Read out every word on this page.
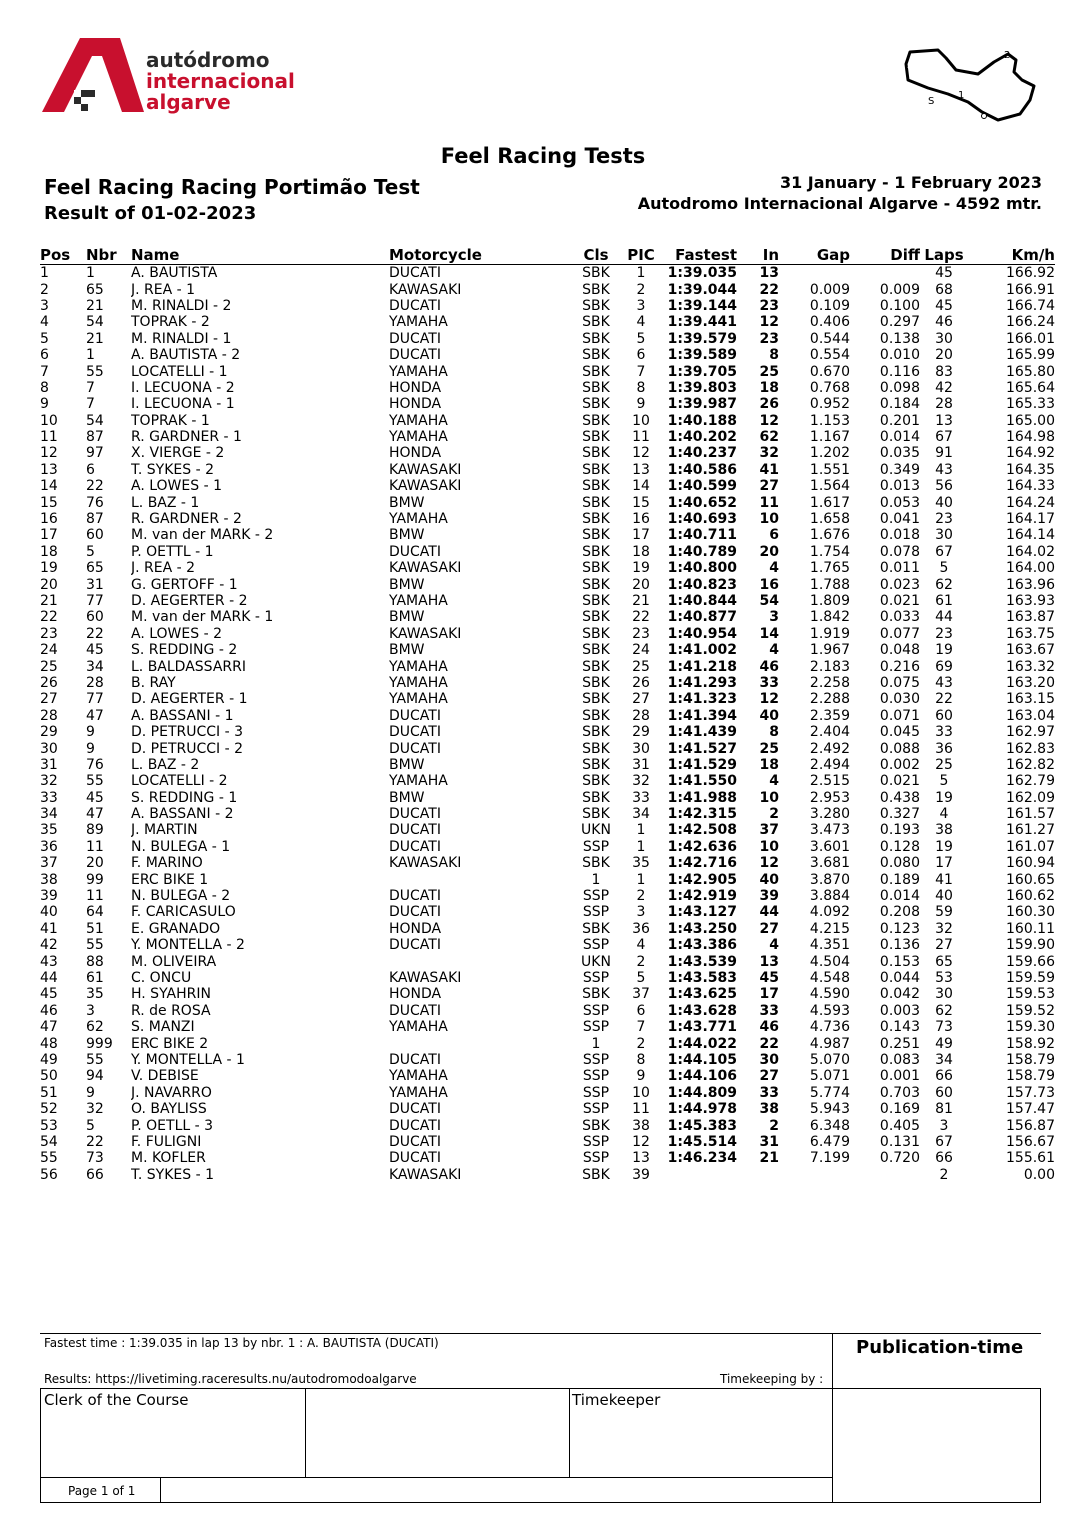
autódromo
internacional
algarve
2
S
1
Feel Racing Tests
Feel Racing Racing Portimão Test
Result of 01-02-2023
31 January - 1 February 2023
Autodromo Internacional Algarve - 4592 mtr.
Pos	Nbr	Name	Motorcycle	Cls	PIC	Fastest	In	Gap	Diff	Laps	Km/h
1	1	A. BAUTISTA	DUCATI	SBK	1	1:39.035	13			45	166.92
2	65	J. REA - 1	KAWASAKI	SBK	2	1:39.044	22	0.009	0.009	68	166.91
3	21	M. RINALDI - 2	DUCATI	SBK	3	1:39.144	23	0.109	0.100	45	166.74
4	54	TOPRAK - 2	YAMAHA	SBK	4	1:39.441	12	0.406	0.297	46	166.24
5	21	M. RINALDI - 1	DUCATI	SBK	5	1:39.579	23	0.544	0.138	30	166.01
6	1	A. BAUTISTA - 2	DUCATI	SBK	6	1:39.589	8	0.554	0.010	20	165.99
7	55	LOCATELLI - 1	YAMAHA	SBK	7	1:39.705	25	0.670	0.116	83	165.80
8	7	I. LECUONA - 2	HONDA	SBK	8	1:39.803	18	0.768	0.098	42	165.64
9	7	I. LECUONA - 1	HONDA	SBK	9	1:39.987	26	0.952	0.184	28	165.33
10	54	TOPRAK - 1	YAMAHA	SBK	10	1:40.188	12	1.153	0.201	13	165.00
11	87	R. GARDNER - 1	YAMAHA	SBK	11	1:40.202	62	1.167	0.014	67	164.98
12	97	X. VIERGE - 2	HONDA	SBK	12	1:40.237	32	1.202	0.035	91	164.92
13	6	T. SYKES - 2	KAWASAKI	SBK	13	1:40.586	41	1.551	0.349	43	164.35
14	22	A. LOWES - 1	KAWASAKI	SBK	14	1:40.599	27	1.564	0.013	56	164.33
15	76	L. BAZ - 1	BMW	SBK	15	1:40.652	11	1.617	0.053	40	164.24
16	87	R. GARDNER - 2	YAMAHA	SBK	16	1:40.693	10	1.658	0.041	23	164.17
17	60	M. van der MARK - 2	BMW	SBK	17	1:40.711	6	1.676	0.018	30	164.14
18	5	P. OETTL - 1	DUCATI	SBK	18	1:40.789	20	1.754	0.078	67	164.02
19	65	J. REA - 2	KAWASAKI	SBK	19	1:40.800	4	1.765	0.011	5	164.00
20	31	G. GERTOFF - 1	BMW	SBK	20	1:40.823	16	1.788	0.023	62	163.96
21	77	D. AEGERTER - 2	YAMAHA	SBK	21	1:40.844	54	1.809	0.021	61	163.93
22	60	M. van der MARK - 1	BMW	SBK	22	1:40.877	3	1.842	0.033	44	163.87
23	22	A. LOWES - 2	KAWASAKI	SBK	23	1:40.954	14	1.919	0.077	23	163.75
24	45	S. REDDING - 2	BMW	SBK	24	1:41.002	4	1.967	0.048	19	163.67
25	34	L. BALDASSARRI	YAMAHA	SBK	25	1:41.218	46	2.183	0.216	69	163.32
26	28	B. RAY	YAMAHA	SBK	26	1:41.293	33	2.258	0.075	43	163.20
27	77	D. AEGERTER - 1	YAMAHA	SBK	27	1:41.323	12	2.288	0.030	22	163.15
28	47	A. BASSANI - 1	DUCATI	SBK	28	1:41.394	40	2.359	0.071	60	163.04
29	9	D. PETRUCCI - 3	DUCATI	SBK	29	1:41.439	8	2.404	0.045	33	162.97
30	9	D. PETRUCCI - 2	DUCATI	SBK	30	1:41.527	25	2.492	0.088	36	162.83
31	76	L. BAZ - 2	BMW	SBK	31	1:41.529	18	2.494	0.002	25	162.82
32	55	LOCATELLI - 2	YAMAHA	SBK	32	1:41.550	4	2.515	0.021	5	162.79
33	45	S. REDDING - 1	BMW	SBK	33	1:41.988	10	2.953	0.438	19	162.09
34	47	A. BASSANI - 2	DUCATI	SBK	34	1:42.315	2	3.280	0.327	4	161.57
35	89	J. MARTIN	DUCATI	UKN	1	1:42.508	37	3.473	0.193	38	161.27
36	11	N. BULEGA - 1	DUCATI	SSP	1	1:42.636	10	3.601	0.128	19	161.07
37	20	F. MARINO	KAWASAKI	SBK	35	1:42.716	12	3.681	0.080	17	160.94
38	99	ERC BIKE 1		1	1	1:42.905	40	3.870	0.189	41	160.65
39	11	N. BULEGA - 2	DUCATI	SSP	2	1:42.919	39	3.884	0.014	40	160.62
40	64	F. CARICASULO	DUCATI	SSP	3	1:43.127	44	4.092	0.208	59	160.30
41	51	E. GRANADO	HONDA	SBK	36	1:43.250	27	4.215	0.123	32	160.11
42	55	Y. MONTELLA - 2	DUCATI	SSP	4	1:43.386	4	4.351	0.136	27	159.90
43	88	M. OLIVEIRA		UKN	2	1:43.539	13	4.504	0.153	65	159.66
44	61	C. ONCU	KAWASAKI	SSP	5	1:43.583	45	4.548	0.044	53	159.59
45	35	H. SYAHRIN	HONDA	SBK	37	1:43.625	17	4.590	0.042	30	159.53
46	3	R. de ROSA	DUCATI	SSP	6	1:43.628	33	4.593	0.003	62	159.52
47	62	S. MANZI	YAMAHA	SSP	7	1:43.771	46	4.736	0.143	73	159.30
48	999	ERC BIKE 2		1	2	1:44.022	22	4.987	0.251	49	158.92
49	55	Y. MONTELLA - 1	DUCATI	SSP	8	1:44.105	30	5.070	0.083	34	158.79
50	94	V. DEBISE	YAMAHA	SSP	9	1:44.106	27	5.071	0.001	66	158.79
51	9	J. NAVARRO	YAMAHA	SSP	10	1:44.809	33	5.774	0.703	60	157.73
52	32	O. BAYLISS	DUCATI	SSP	11	1:44.978	38	5.943	0.169	81	157.47
53	5	P. OETLL - 3	DUCATI	SBK	38	1:45.383	2	6.348	0.405	3	156.87
54	22	F. FULIGNI	DUCATI	SSP	12	1:45.514	31	6.479	0.131	67	156.67
55	73	M. KOFLER	DUCATI	SSP	13	1:46.234	21	7.199	0.720	66	155.61
56	66	T. SYKES - 1	KAWASAKI	SBK	39					2	0.00
Fastest time : 1:39.035 in lap 13 by nbr. 1 : A. BAUTISTA (DUCATI)
Results: https://livetiming.raceresults.nu/autodromodoalgarve	Timekeeping by :
Clerk of the Course	Timekeeper
Page 1 of 1
Publication-time
